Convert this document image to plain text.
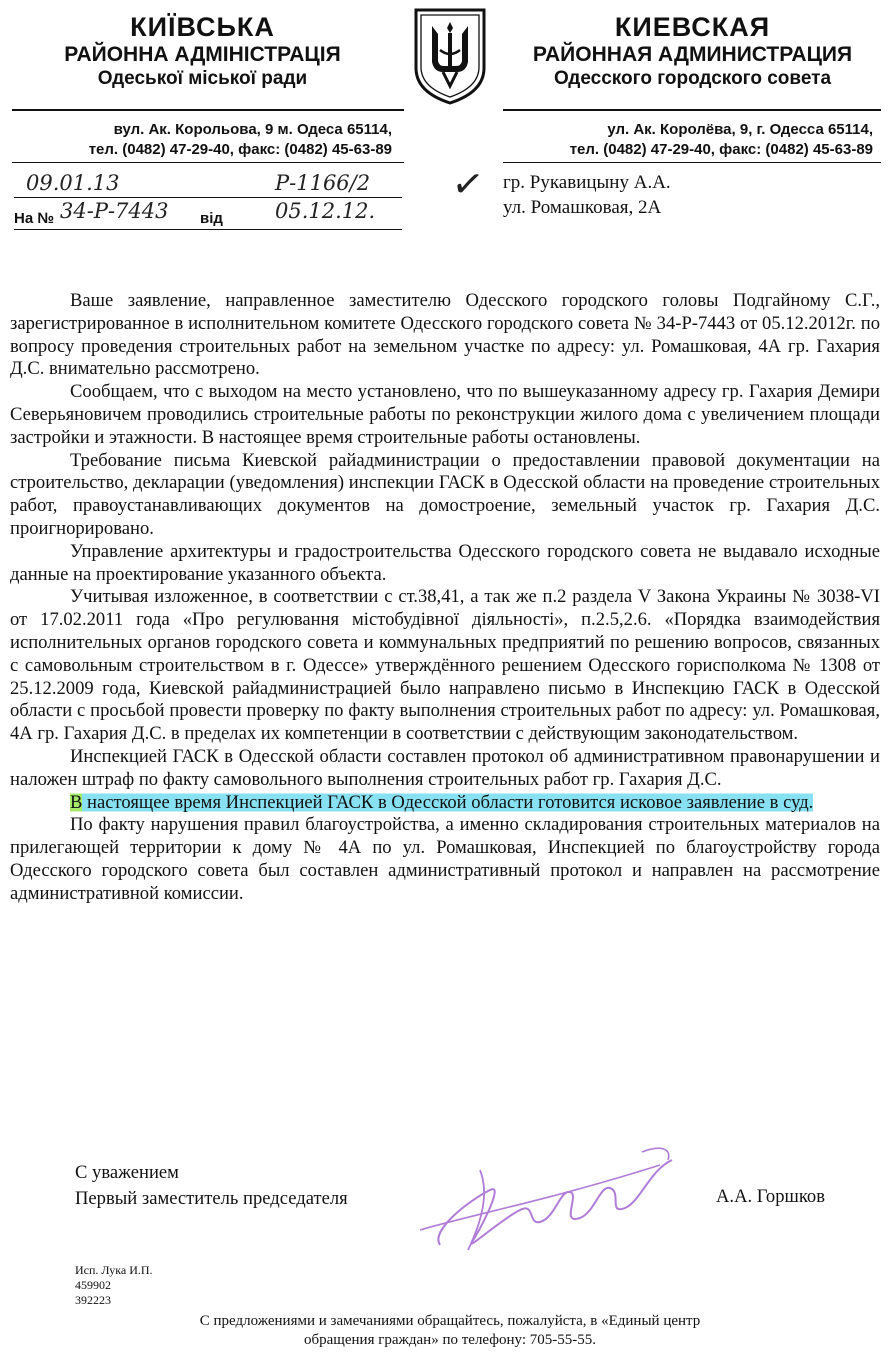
КИЇВСЬКА
РАЙОННА АДМІНІСТРАЦІЯ
Одеської міської ради
вул. Ак. Корольова, 9 м. Одеса 65114,
тел. (0482) 47-29-40, факс: (0482) 45-63-89
КИЕВСКАЯ
РАЙОННАЯ АДМИНИСТРАЦИЯ
Одесского городского совета
ул. Ак. Королёва, 9, г. Одесса 65114,
тел. (0482) 47-29-40, факс: (0482) 45-63-89
09.01.13	Р-1166/2
На № 34-Р-7443 від 05.12.12.
✓ гр. Рукавицыну А.А.
ул. Ромашковая, 2А

Ваше заявление, направленное заместителю Одесского городского головы Подгайному С.Г., зарегистрированное в исполнительном комитете Одесского городского совета № 34-Р-7443 от 05.12.2012г. по вопросу проведения строительных работ на земельном участке по адресу: ул. Ромашковая, 4А гр. Гахария Д.С. внимательно рассмотрено.

Сообщаем, что с выходом на место установлено, что по вышеуказанному адресу гр. Гахария Демири Северьяновичем проводились строительные работы по реконструкции жилого дома с увеличением площади застройки и этажности. В настоящее время строительные работы остановлены.

Требование письма Киевской райадминистрации о предоставлении правовой документации на строительство, декларации (уведомления) инспекции ГАСК в Одесской области на проведение строительных работ, правоустанавливающих документов на домостроение, земельный участок гр. Гахария Д.С. проигнорировано.

Управление архитектуры и градостроительства Одесского городского совета не выдавало исходные данные на проектирование указанного объекта.

Учитывая изложенное, в соответствии с ст.38,41, а так же п.2 раздела V Закона Украины № 3038-VI от 17.02.2011 года «Про регулювання містобудівної діяльності», п.2.5,2.6. «Порядка взаимодействия исполнительных органов городского совета и коммунальных предприятий по решению вопросов, связанных с самовольным строительством в г. Одессе» утверждённого решением Одесского горисполкома № 1308 от 25.12.2009 года, Киевской райадминистрацией было направлено письмо в Инспекцию ГАСК в Одесской области с просьбой провести проверку по факту выполнения строительных работ по адресу: ул. Ромашковая, 4А гр. Гахария Д.С. в пределах их компетенции в соответствии с действующим законодательством.

Инспекцией ГАСК в Одесской области составлен протокол об административном правонарушении и наложен штраф по факту самовольного выполнения строительных работ гр. Гахария Д.С.

В настоящее время Инспекцией ГАСК в Одесской области готовится исковое заявление в суд.

По факту нарушения правил благоустройства, а именно складирования строительных материалов на прилегающей территории к дому № 4А по ул. Ромашковая, Инспекцией по благоустройству города Одесского городского совета был составлен административный протокол и направлен на рассмотрение административной комиссии.

С уважением
Первый заместитель председателя	А.А. Горшков
Исп. Лука И.П.
459902
392223
С предложениями и замечаниями обращайтесь, пожалуйста, в «Единый центр
обращения граждан» по телефону: 705-55-55.
